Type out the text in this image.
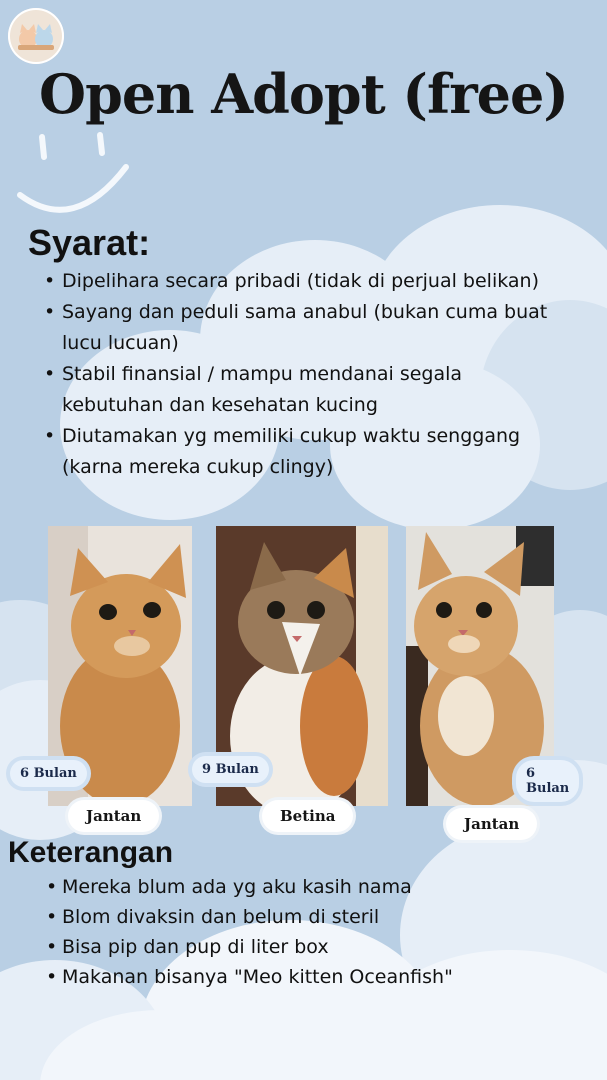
Open Adopt (free)
Syarat:
• Dipelihara secara pribadi (tidak di perjual belikan)
• Sayang dan peduli sama anabul (bukan cuma buat lucu lucuan)
• Stabil finansial / mampu mendanai segala kebutuhan dan kesehatan kucing
• Diutamakan yg memiliki cukup waktu senggang (karna mereka cukup clingy)
6 Bulan
Jantan
9 Bulan
Betina
6 Bulan
Jantan
Keterangan
• Mereka blum ada yg aku kasih nama
• Blom divaksin dan belum di steril
• Bisa pip dan pup di liter box
• Makanan bisanya "Meo kitten Oceanfish"
